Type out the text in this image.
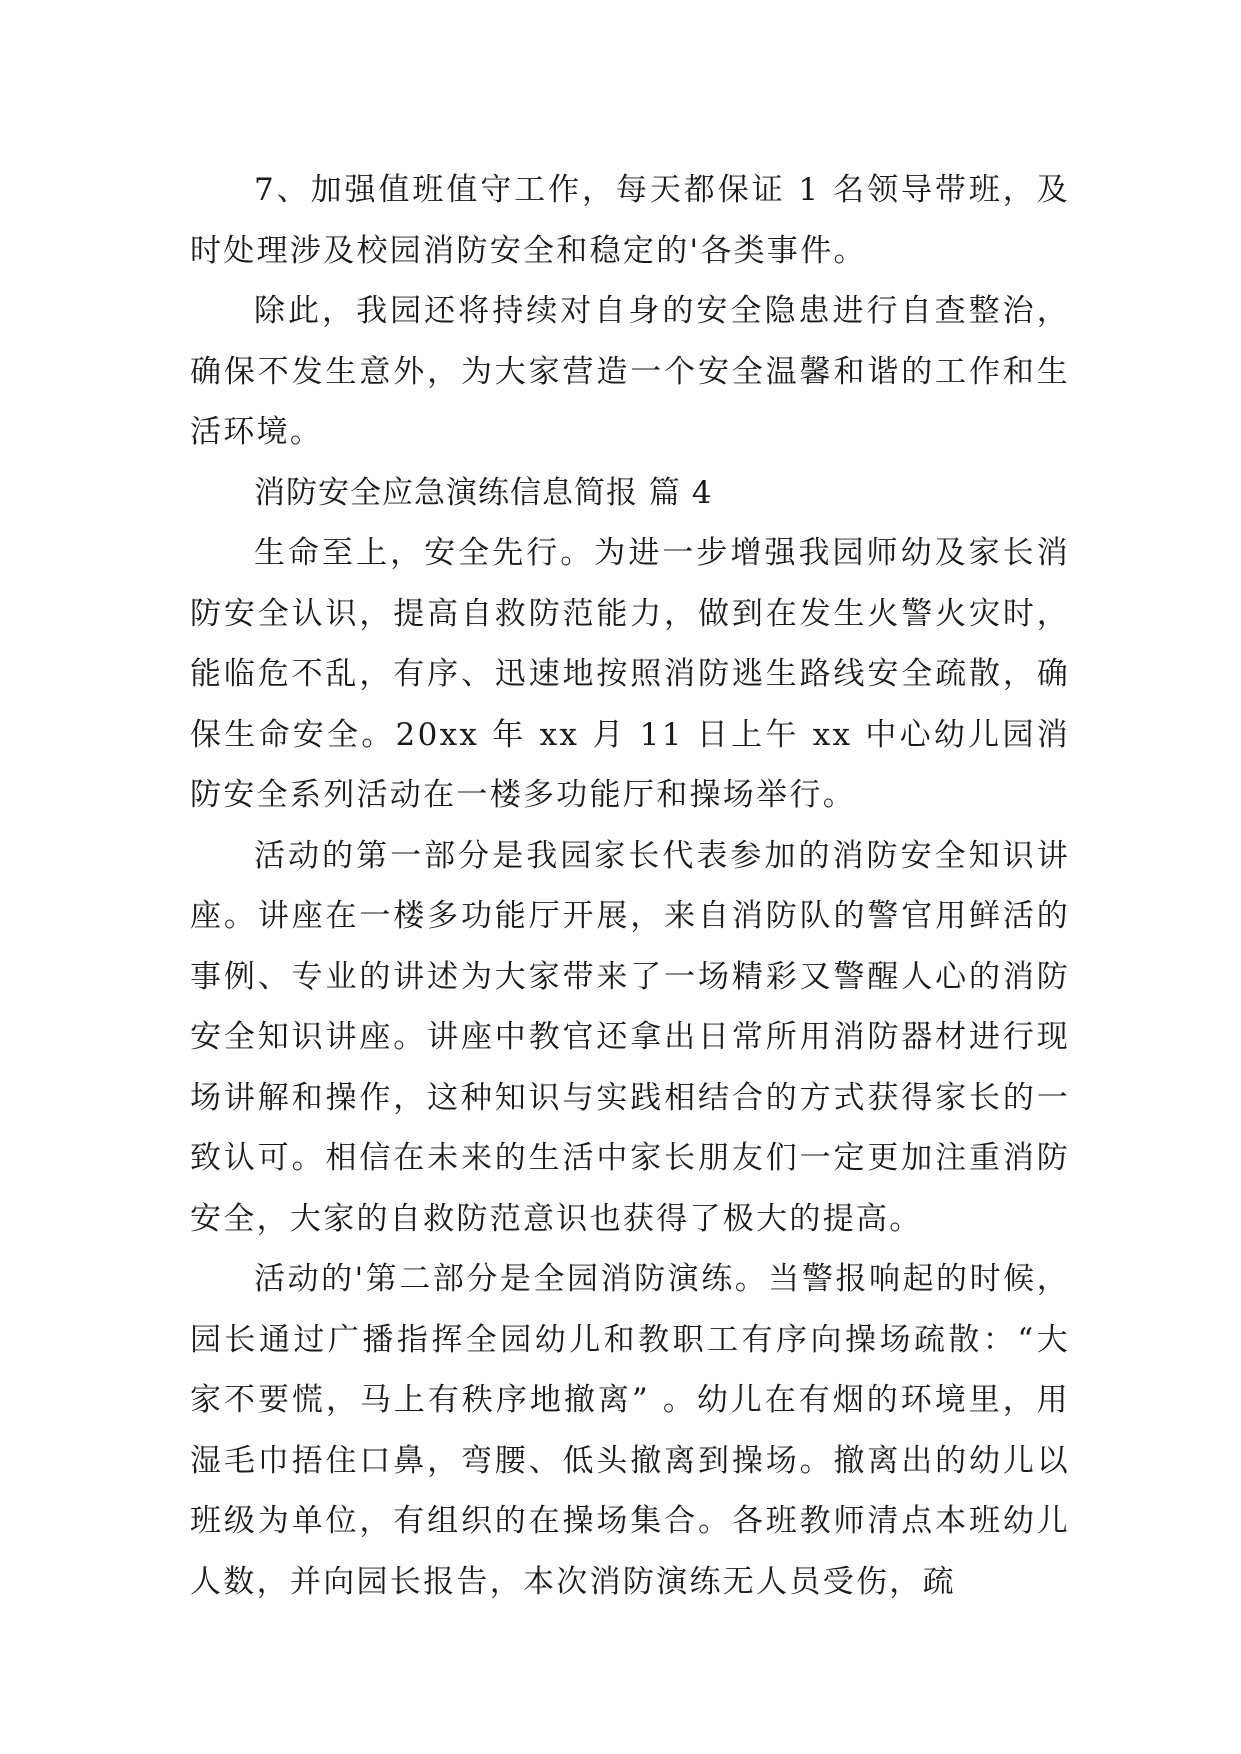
7、加强值班值守工作，每天都保证 1 名领导带班，及时处理涉及校园消防安全和稳定的'各类事件。

除此，我园还将持续对自身的安全隐患进行自查整治，确保不发生意外，为大家营造一个安全温馨和谐的工作和生活环境。

消防安全应急演练信息简报 篇 4

生命至上，安全先行。为进一步增强我园师幼及家长消防安全认识，提高自救防范能力，做到在发生火警火灾时，能临危不乱，有序、迅速地按照消防逃生路线安全疏散，确保生命安全。20xx 年 xx 月 11 日上午 xx 中心幼儿园消防安全系列活动在一楼多功能厅和操场举行。

活动的第一部分是我园家长代表参加的消防安全知识讲座。讲座在一楼多功能厅开展，来自消防队的警官用鲜活的事例、专业的讲述为大家带来了一场精彩又警醒人心的消防安全知识讲座。讲座中教官还拿出日常所用消防器材进行现场讲解和操作，这种知识与实践相结合的方式获得家长的一致认可。相信在未来的生活中家长朋友们一定更加注重消防安全，大家的自救防范意识也获得了极大的提高。

活动的'第二部分是全园消防演练。当警报响起的时候，园长通过广播指挥全园幼儿和教职工有序向操场疏散：“大家不要慌，马上有秩序地撤离” 。幼儿在有烟的环境里，用湿毛巾捂住口鼻，弯腰、低头撤离到操场。撤离出的幼儿以班级为单位，有组织的在操场集合。各班教师清点本班幼儿人数，并向园长报告，本次消防演练无人员受伤，疏
